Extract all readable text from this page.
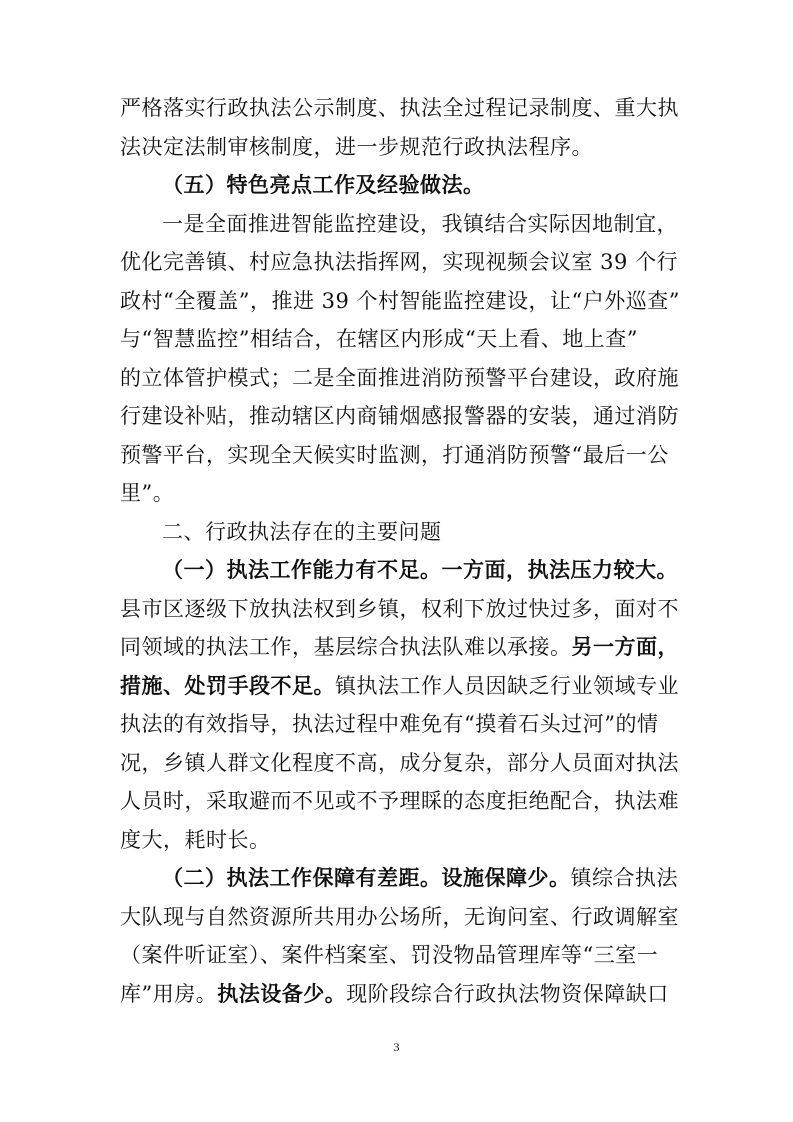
严格落实行政执法公示制度、执法全过程记录制度、重大执
法决定法制审核制度，进一步规范行政执法程序。
（五）特色亮点工作及经验做法。
一是全面推进智能监控建设，我镇结合实际因地制宜，
优化完善镇、村应急执法指挥网，实现视频会议室 39 个行
政村“全覆盖”，推进 39 个村智能监控建设，让“户外巡查”
与“智慧监控”相结合，在辖区内形成“天上看、地上查”
的立体管护模式；二是全面推进消防预警平台建设，政府施
行建设补贴，推动辖区内商铺烟感报警器的安装，通过消防
预警平台，实现全天候实时监测，打通消防预警“最后一公
里”。
二、行政执法存在的主要问题
（一）执法工作能力有不足。一方面，执法压力较大。
县市区逐级下放执法权到乡镇，权利下放过快过多，面对不
同领域的执法工作，基层综合执法队难以承接。另一方面，
措施、处罚手段不足。镇执法工作人员因缺乏行业领域专业
执法的有效指导，执法过程中难免有“摸着石头过河”的情
况，乡镇人群文化程度不高，成分复杂，部分人员面对执法
人员时，采取避而不见或不予理睬的态度拒绝配合，执法难
度大，耗时长。
（二）执法工作保障有差距。设施保障少。镇综合执法
大队现与自然资源所共用办公场所，无询问室、行政调解室
（案件听证室）、案件档案室、罚没物品管理库等“三室一
库”用房。执法设备少。现阶段综合行政执法物资保障缺口
3
